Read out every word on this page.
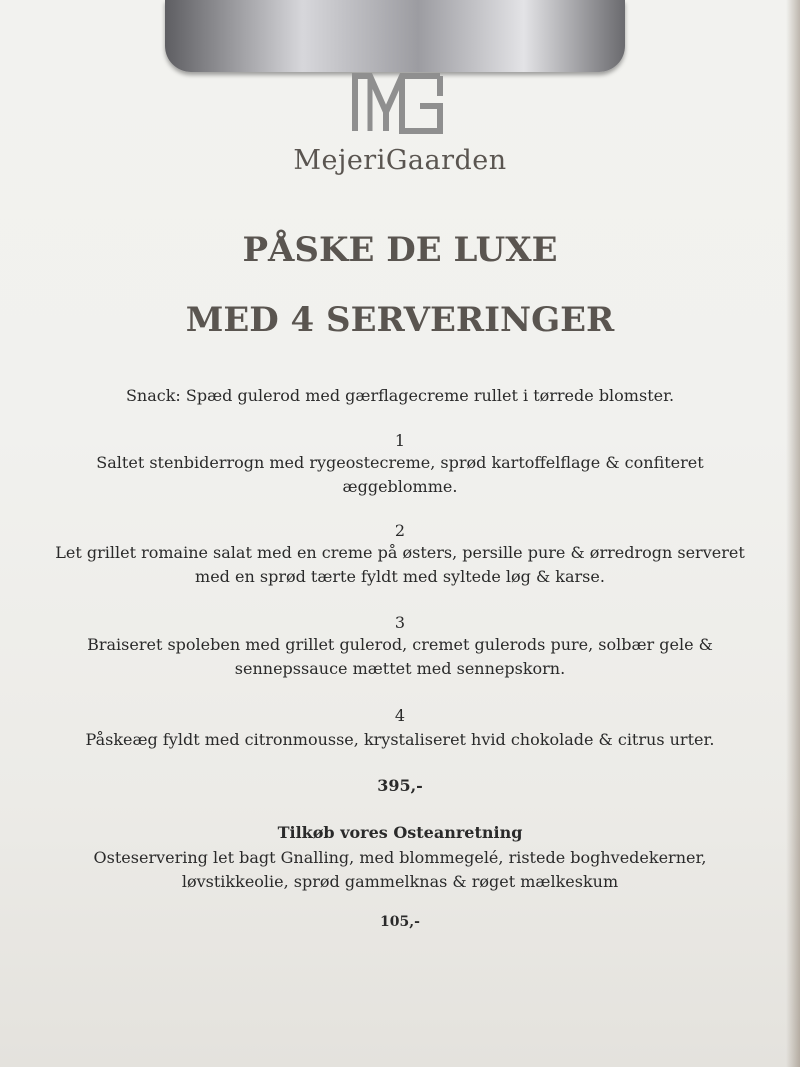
MejeriGaarden
PÅSKE DE LUXE
MED 4 SERVERINGER
Snack: Spæd gulerod med gærflagecreme rullet i tørrede blomster.
1
Saltet stenbiderrogn med rygeostecreme, sprød kartoffelflage & confiteret
æggeblomme.
2
Let grillet romaine salat med en creme på østers, persille pure & ørredrogn serveret
med en sprød tærte fyldt med syltede løg & karse.
3
Braiseret spoleben med grillet gulerod, cremet gulerods pure, solbær gele &
sennepssauce mættet med sennepskorn.
4
Påskeæg fyldt med citronmousse, krystaliseret hvid chokolade & citrus urter.
395,-
Tilkøb vores Osteanretning
Osteservering let bagt Gnalling, med blommegelé, ristede boghvedekerner,
løvstikkeolie, sprød gammelknas & røget mælkeskum
105,-
